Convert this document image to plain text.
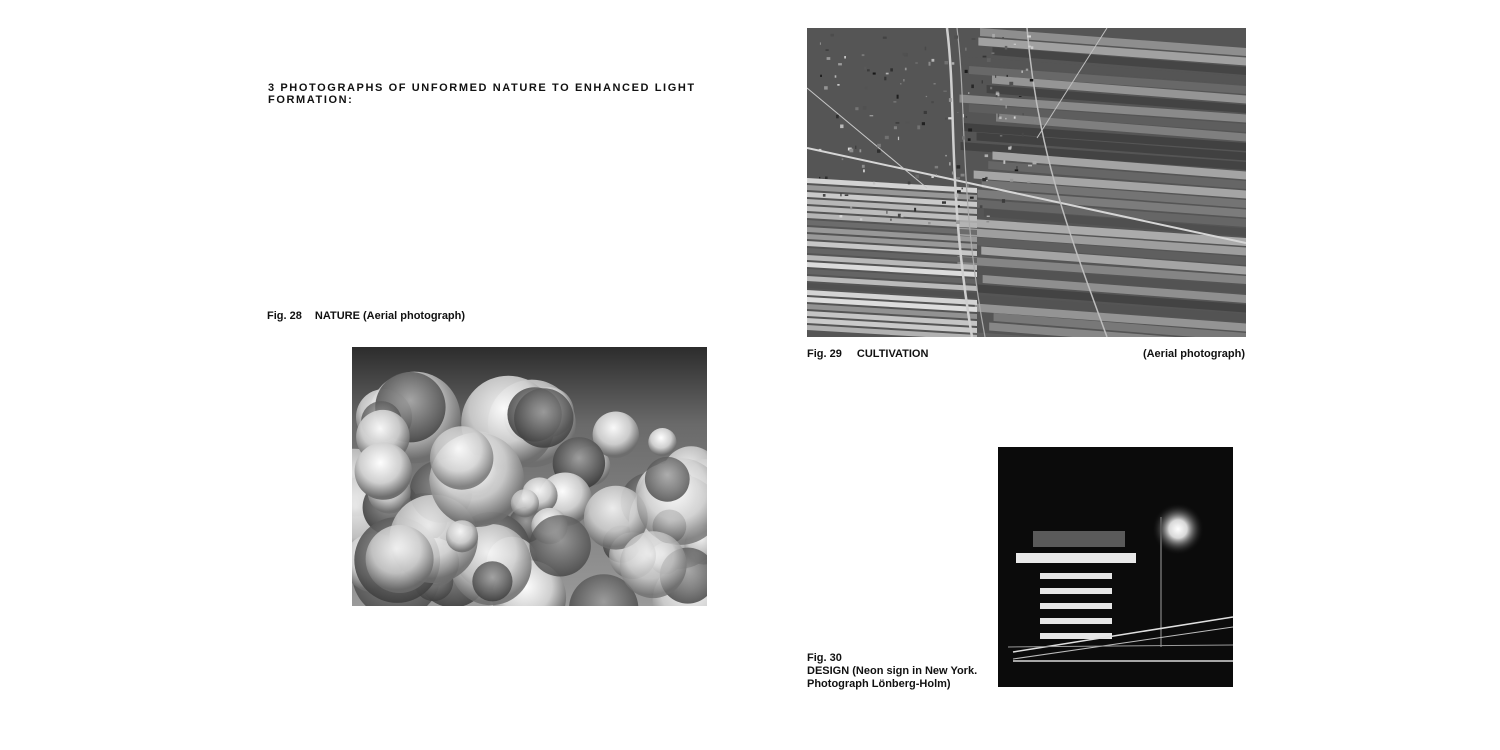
3 PHOTOGRAPHS OF UNFORMED NATURE TO ENHANCED LIGHT FORMATION:
Fig. 28 NATURE (Aerial photograph)
Fig. 29 CULTIVATION	(Aerial photograph)
Fig. 30
DESIGN (Neon sign in New York.
Photograph Lönberg-Holm)
